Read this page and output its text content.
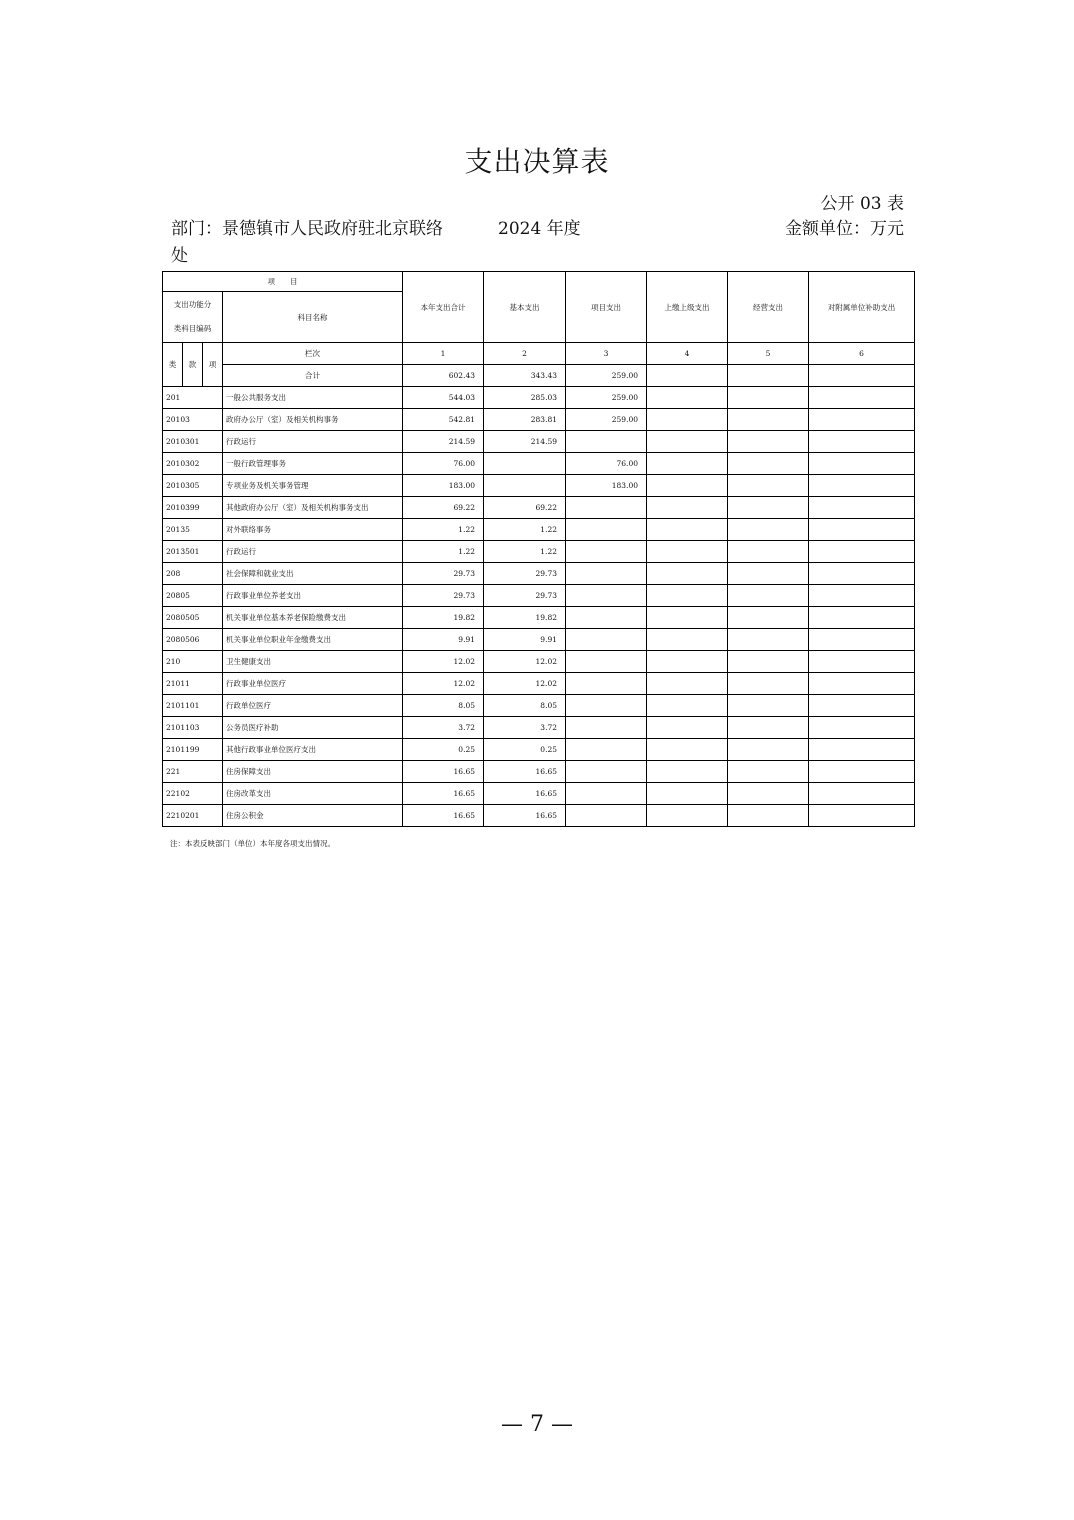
支出决算表
公开 03 表
部门：景德镇市人民政府驻北京联络处
2024 年度	金额单位：万元
项　　目				本年支出合计	基本支出	项目支出	上缴上级支出	经营支出	对附属单位补助支出

支出功能分
类科目编码			科目名称						
类	款	项	栏次	1	2	3	4	5	6
			合计	602.43	343.43	259.00			
201			一般公共服务支出	544.03	285.03	259.00			
20103			政府办公厅（室）及相关机构事务	542.81	283.81	259.00			
2010301			行政运行	214.59	214.59				
2010302			一般行政管理事务	76.00		76.00			
2010305			专项业务及机关事务管理	183.00		183.00			
2010399			其他政府办公厅（室）及相关机构事务支出	69.22	69.22				
20135			对外联络事务	1.22	1.22				
2013501			行政运行	1.22	1.22				
208			社会保障和就业支出	29.73	29.73				
20805			行政事业单位养老支出	29.73	29.73				
2080505			机关事业单位基本养老保险缴费支出	19.82	19.82				
2080506			机关事业单位职业年金缴费支出	9.91	9.91				
210			卫生健康支出	12.02	12.02				
21011			行政事业单位医疗	12.02	12.02				
2101101			行政单位医疗	8.05	8.05				
2101103			公务员医疗补助	3.72	3.72				
2101199			其他行政事业单位医疗支出	0.25	0.25				
221			住房保障支出	16.65	16.65				
22102			住房改革支出	16.65	16.65				
2210201			住房公积金	16.65	16.65				
注：本表反映部门（单位）本年度各项支出情况。
— 7 —
